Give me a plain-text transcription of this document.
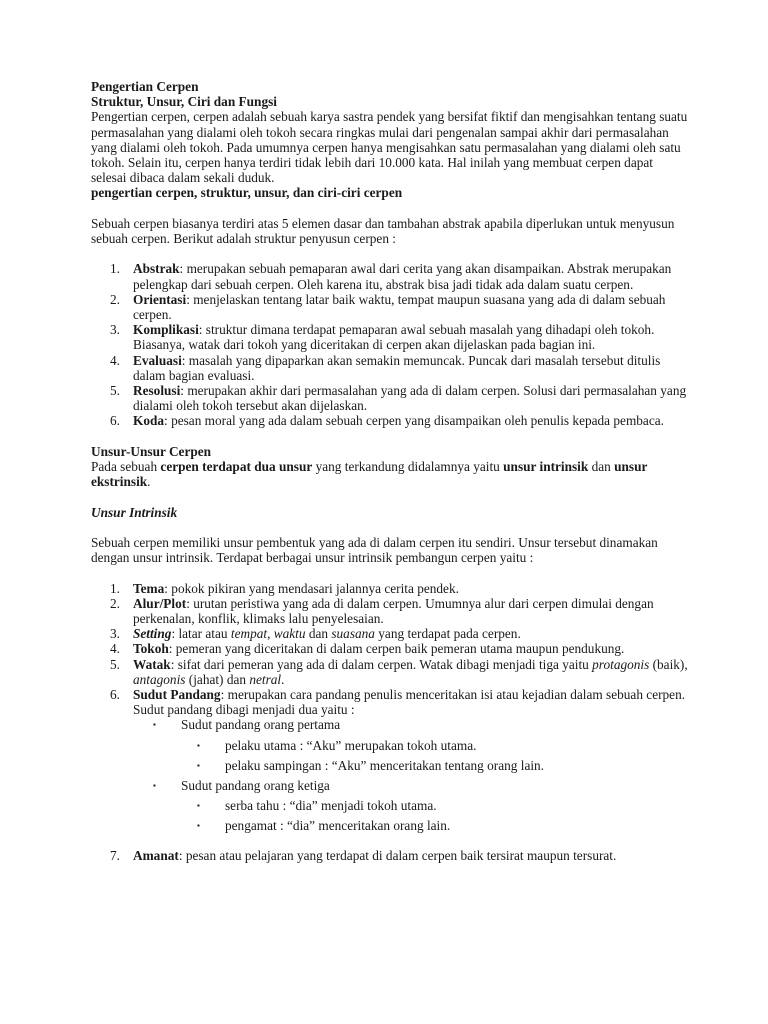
Pengertian Cerpen

Struktur, Unsur, Ciri dan Fungsi

Pengertian cerpen, cerpen adalah sebuah karya sastra pendek yang bersifat fiktif dan mengisahkan tentang suatu permasalahan yang dialami oleh tokoh secara ringkas mulai dari pengenalan sampai akhir dari permasalahan yang dialami oleh tokoh. Pada umumnya cerpen hanya mengisahkan satu permasalahan yang dialami oleh satu tokoh. Selain itu, cerpen hanya terdiri tidak lebih dari 10.000 kata. Hal inilah yang membuat cerpen dapat selesai dibaca dalam sekali duduk.

pengertian cerpen, struktur, unsur, dan ciri-ciri cerpen

Sebuah cerpen biasanya terdiri atas 5 elemen dasar dan tambahan abstrak apabila diperlukan untuk menyusun sebuah cerpen. Berikut adalah struktur penyusun cerpen :

1. Abstrak: merupakan sebuah pemaparan awal dari cerita yang akan disampaikan. Abstrak merupakan pelengkap dari sebuah cerpen. Oleh karena itu, abstrak bisa jadi tidak ada dalam suatu cerpen.
2. Orientasi: menjelaskan tentang latar baik waktu, tempat maupun suasana yang ada di dalam sebuah cerpen.
3. Komplikasi: struktur dimana terdapat pemaparan awal sebuah masalah yang dihadapi oleh tokoh. Biasanya, watak dari tokoh yang diceritakan di cerpen akan dijelaskan pada bagian ini.
4. Evaluasi: masalah yang dipaparkan akan semakin memuncak. Puncak dari masalah tersebut ditulis dalam bagian evaluasi.
5. Resolusi: merupakan akhir dari permasalahan yang ada di dalam cerpen. Solusi dari permasalahan yang dialami oleh tokoh tersebut akan dijelaskan.
6. Koda: pesan moral yang ada dalam sebuah cerpen yang disampaikan oleh penulis kepada pembaca.

Unsur-Unsur Cerpen

Pada sebuah cerpen terdapat dua unsur yang terkandung didalamnya yaitu unsur intrinsik dan unsur ekstrinsik.

Unsur Intrinsik

Sebuah cerpen memiliki unsur pembentuk yang ada di dalam cerpen itu sendiri. Unsur tersebut dinamakan dengan unsur intrinsik. Terdapat berbagai unsur intrinsik pembangun cerpen yaitu :

1. Tema: pokok pikiran yang mendasari jalannya cerita pendek.
2. Alur/Plot: urutan peristiwa yang ada di dalam cerpen. Umumnya alur dari cerpen dimulai dengan perkenalan, konflik, klimaks lalu penyelesaian.
3. Setting: latar atau tempat, waktu dan suasana yang terdapat pada cerpen.
4. Tokoh: pemeran yang diceritakan di dalam cerpen baik pemeran utama maupun pendukung.
5. Watak: sifat dari pemeran yang ada di dalam cerpen. Watak dibagi menjadi tiga yaitu protagonis (baik), antagonis (jahat) dan netral.
6. Sudut Pandang: merupakan cara pandang penulis menceritakan isi atau kejadian dalam sebuah cerpen. Sudut pandang dibagi menjadi dua yaitu :
▪ Sudut pandang orang pertama
▪ pelaku utama : “Aku” merupakan tokoh utama.
▪ pelaku sampingan : “Aku” menceritakan tentang orang lain.
▪ Sudut pandang orang ketiga
▪ serba tahu : “dia” menjadi tokoh utama.
▪ pengamat : “dia” menceritakan orang lain.
7. Amanat: pesan atau pelajaran yang terdapat di dalam cerpen baik tersirat maupun tersurat.
